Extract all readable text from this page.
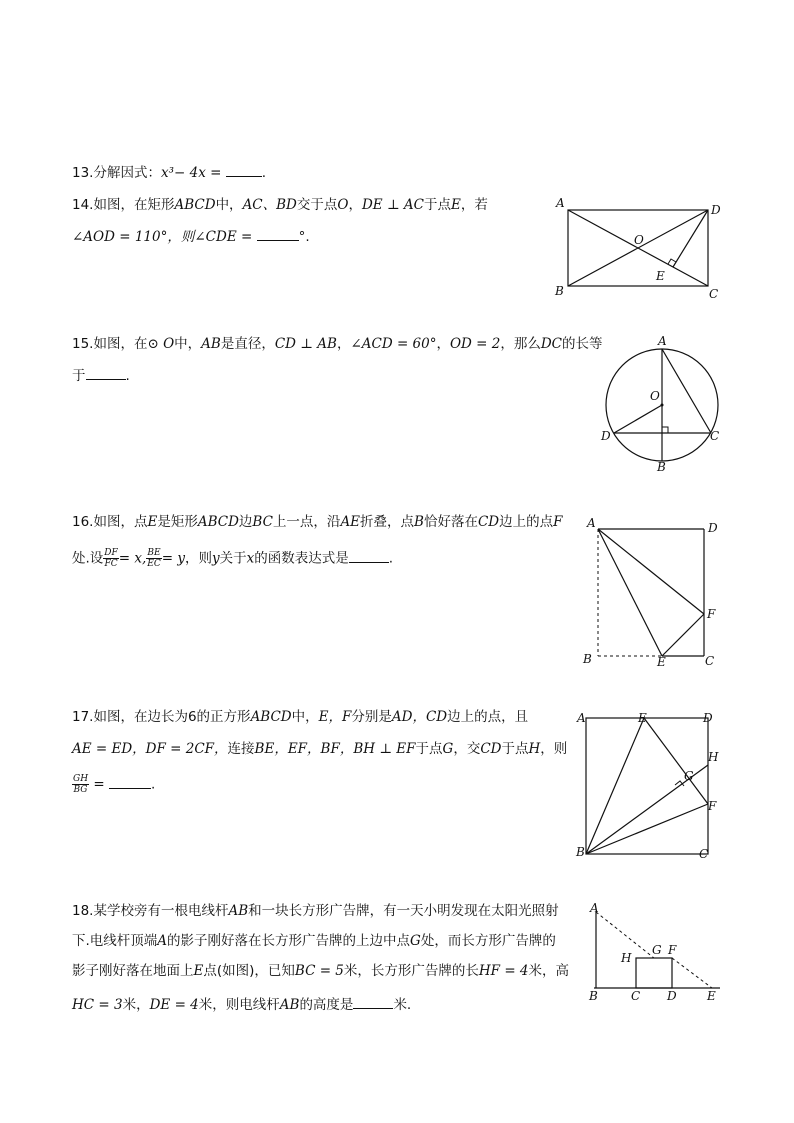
13.分解因式：x³− 4x =	.
14.如图，在矩形ABCD中，AC、BD交于点O，DE ⊥ AC于点E，若
∠AOD = 110°，则∠CDE =	°.
A
B	C
D
O
E
15.如图，在⊙ O中，AB是直径，CD ⊥ AB，∠ACD = 60°，OD = 2，那么DC的长等
于	.
A
B
C
D
O
16.如图，点E是矩形ABCD边BC上一点，沿AE折叠，点B恰好落在CD边上的点F
处.设 $\frac{DF}{FC} = x$, $\frac{BE}{EC} = y$，则y关于x的函数表达式是	.
A
B	C
D
E
F
17.如图，在边长为6的正方形ABCD中，E，F分别是AD，CD边上的点，且
AE = ED，DF = 2CF，连接BE，EF，BF，BH ⊥ EF于点G，交CD于点H，则
$\frac{GH}{BG}$ =	.
A
B	C
D
E
F
G
H
18.某学校旁有一根电线杆AB和一块长方形广告牌，有一天小明发现在太阳光照射
下.电线杆顶端A的影子刚好落在长方形广告牌的上边中点G处，而长方形广告牌的
影子刚好落在地面上E点(如图)，已知BC = 5米，长方形广告牌的长HF = 4米，高
HC = 3米，DE = 4米，则电线杆AB的高度是	米.
A
B	C D	E
F
G
H
